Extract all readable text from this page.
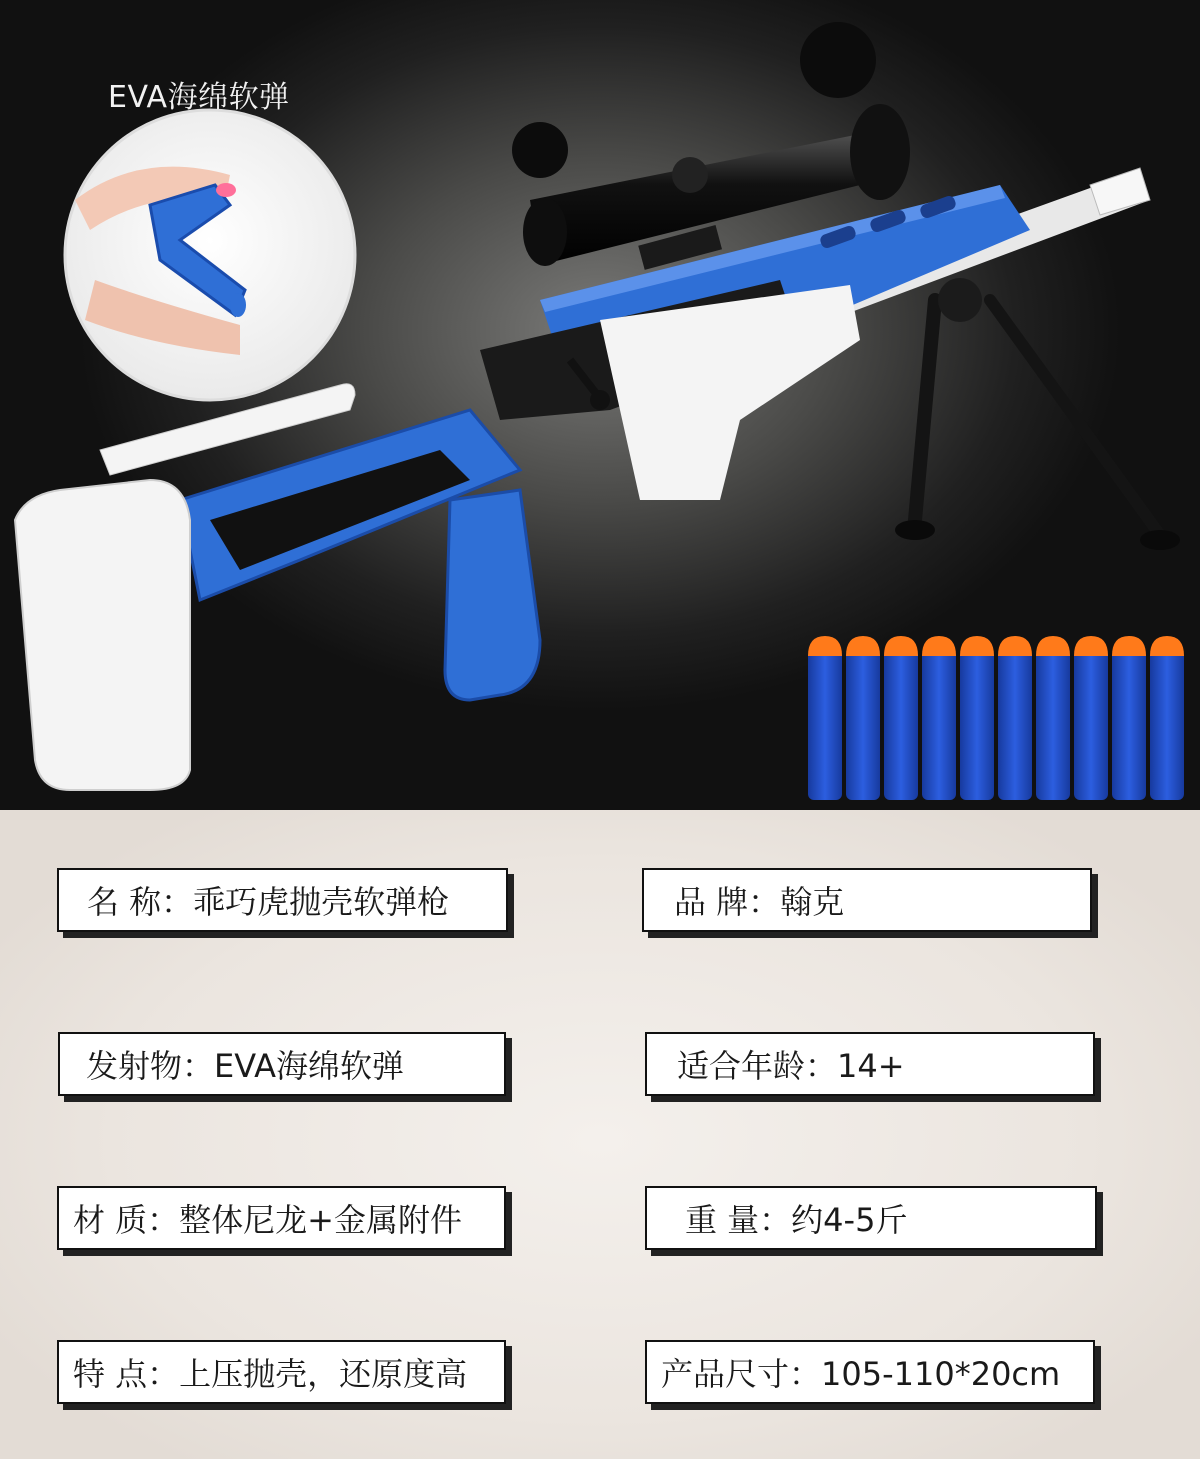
EVA海绵软弹
名 称：乖巧虎抛壳软弹枪	品 牌：翰克
发射物：EVA海绵软弹	适合年龄：14+
材 质：整体尼龙+金属附件	重 量：约4-5斤
特 点：上压抛壳，还原度高	产品尺寸：105-110*20cm
